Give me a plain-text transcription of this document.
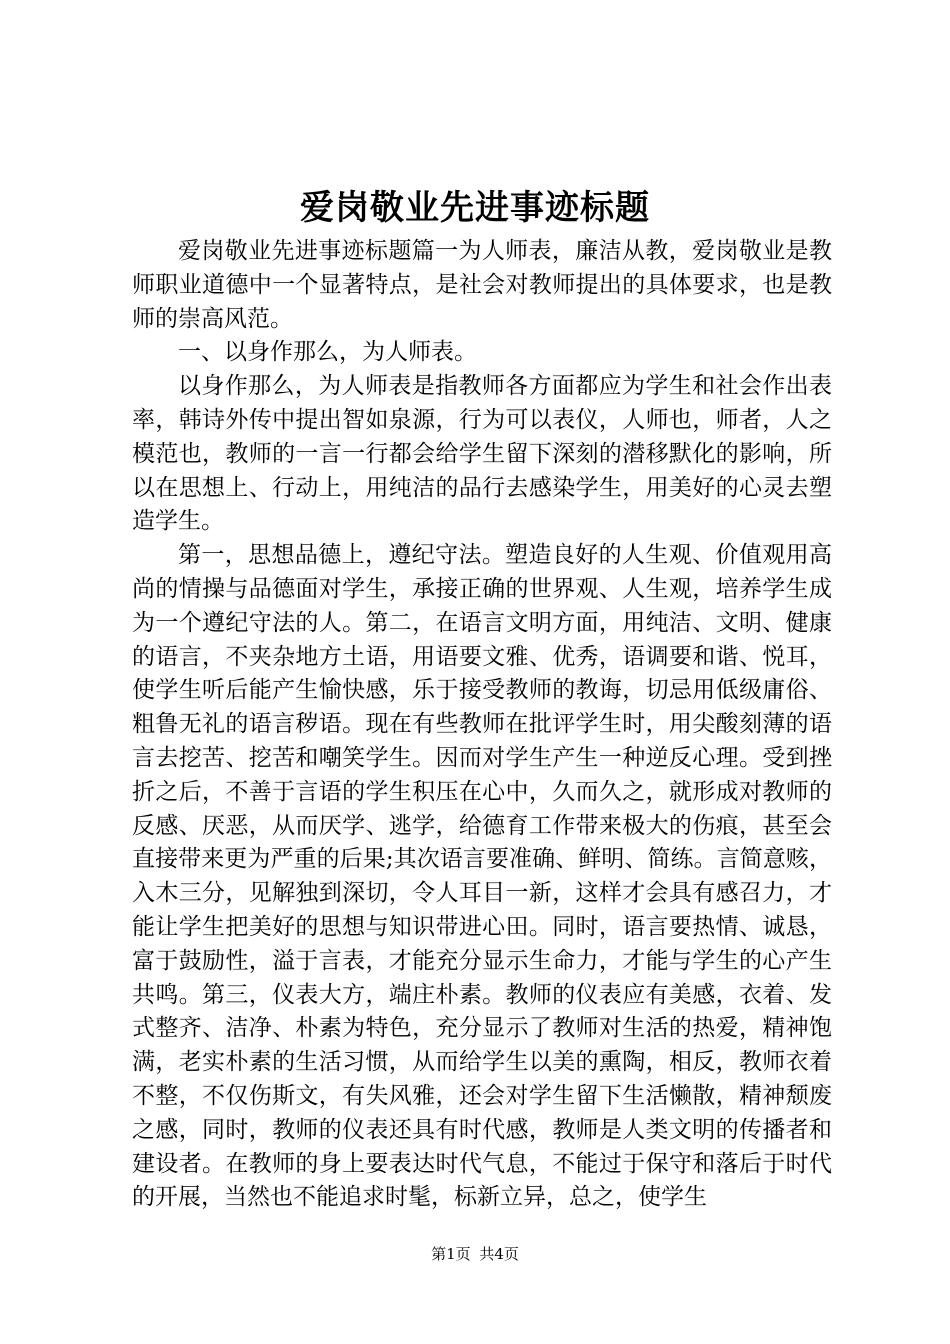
爱岗敬业先进事迹标题

爱岗敬业先进事迹标题篇一为人师表，廉洁从教，爱岗敬业是教师职业道德中一个显著特点，是社会对教师提出的具体要求，也是教师的崇高风范。

一、以身作那么，为人师表。

以身作那么，为人师表是指教师各方面都应为学生和社会作出表率，韩诗外传中提出智如泉源，行为可以表仪，人师也，师者，人之模范也，教师的一言一行都会给学生留下深刻的潜移默化的影响，所以在思想上、行动上，用纯洁的品行去感染学生，用美好的心灵去塑造学生。

第一，思想品德上，遵纪守法。塑造良好的人生观、价值观用高尚的情操与品德面对学生，承接正确的世界观、人生观，培养学生成为一个遵纪守法的人。第二，在语言文明方面，用纯洁、文明、健康的语言，不夹杂地方土语，用语要文雅、优秀，语调要和谐、悦耳，使学生听后能产生愉快感，乐于接受教师的教诲，切忌用低级庸俗、粗鲁无礼的语言秽语。现在有些教师在批评学生时，用尖酸刻薄的语言去挖苦、挖苦和嘲笑学生。因而对学生产生一种逆反心理。受到挫折之后，不善于言语的学生积压在心中，久而久之，就形成对教师的反感、厌恶，从而厌学、逃学，给德育工作带来极大的伤痕，甚至会直接带来更为严重的后果;其次语言要准确、鲜明、简练。言简意赅，入木三分，见解独到深切，令人耳目一新，这样才会具有感召力，才能让学生把美好的思想与知识带进心田。同时，语言要热情、诚恳，富于鼓励性，溢于言表，才能充分显示生命力，才能与学生的心产生共鸣。第三，仪表大方，端庄朴素。教师的仪表应有美感，衣着、发式整齐、洁净、朴素为特色，充分显示了教师对生活的热爱，精神饱满，老实朴素的生活习惯，从而给学生以美的熏陶，相反，教师衣着不整，不仅伤斯文，有失风雅，还会对学生留下生活懒散，精神颓废之感，同时，教师的仪表还具有时代感，教师是人类文明的传播者和建设者。在教师的身上要表达时代气息，不能过于保守和落后于时代的开展，当然也不能追求时髦，标新立异，总之，使学生

第1页 共4页
